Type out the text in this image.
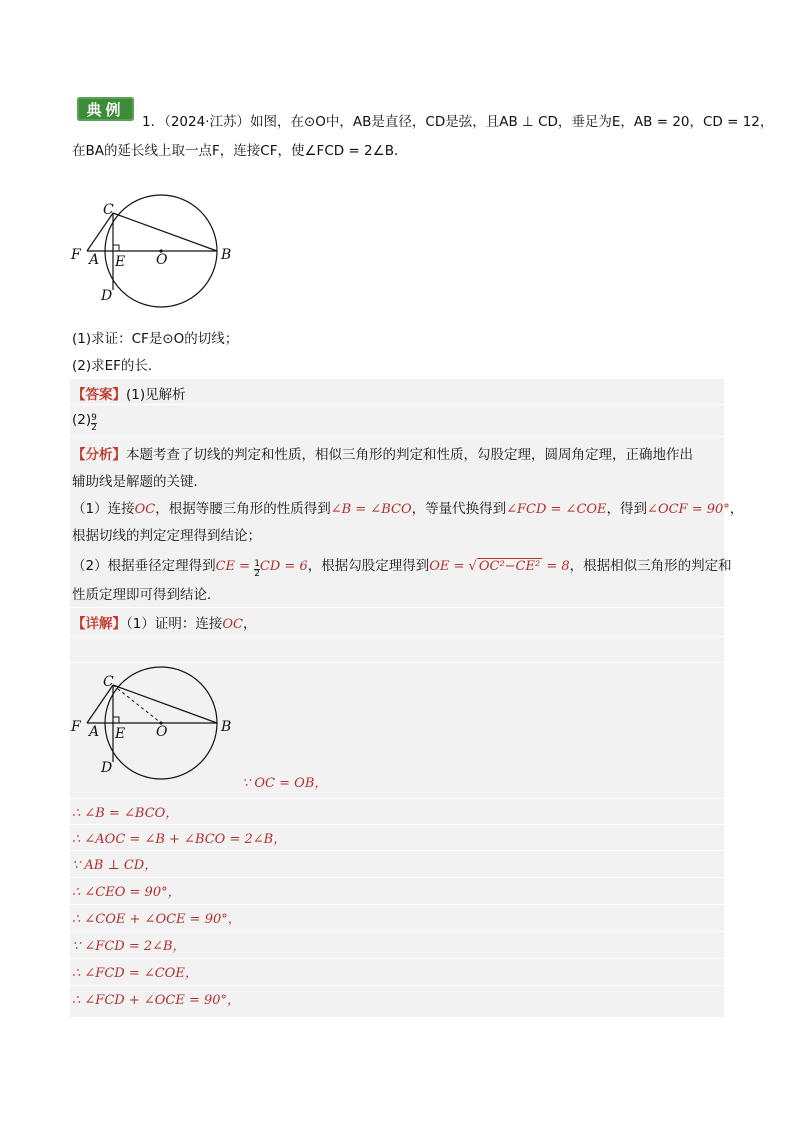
典例
1．（2024·江苏）如图，在⊙O中，AB是直径，CD是弦，且AB ⊥ CD，垂足为E，AB = 20，CD = 12，
在BA的延长线上取一点F，连接CF，使∠FCD = 2∠B．
C
F A E O	B
D
(1)求证：CF是⊙O的切线；
(2)求EF的长．
【答案】(1)见解析
$(2) \frac{9}{2}$
【分析】本题考查了切线的判定和性质，相似三角形的判定和性质，勾股定理，圆周角定理，正确地作出
辅助线是解题的关键．
（1）连接OC，根据等腰三角形的性质得到∠B = ∠BCO，等量代换得到∠FCD = ∠COE，得到∠OCF = 90°，
根据切线的判定定理得到结论；
（2）根据垂径定理得到CE = $\frac{1}{2}$ CD = 6，根据勾股定理得到OE = √ OC²−CE² = 8，根据相似三角形的判定和
性质定理即可得到结论．
【详解】（1）证明：连接OC，
C
F A E O	B
D
∵ OC = OB，
∴ ∠B = ∠BCO，
∴ ∠AOC = ∠B + ∠BCO = 2∠B，
∵ AB ⊥ CD，
∴ ∠CEO = 90°，
∴ ∠COE + ∠OCE = 90°，
∵ ∠FCD = 2∠B，
∴ ∠FCD = ∠COE，
∴ ∠FCD + ∠OCE = 90°，
